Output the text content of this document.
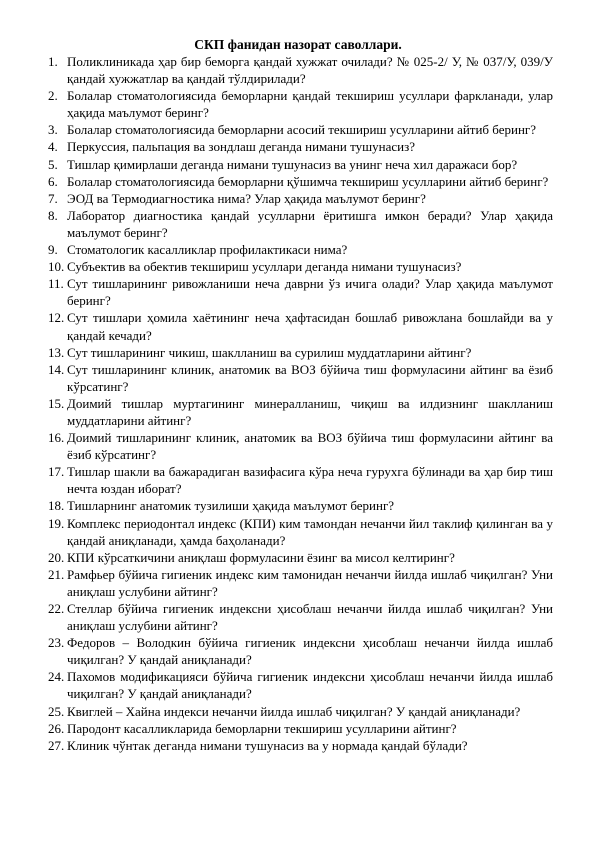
СКП фанидан назорат саволлари.
1. Поликлиникада ҳар бир беморга қандай хужжат очилади? № 025-2/ У, № 037/У, 039/У қандай хужжатлар ва қандай тўлдирилади?
2. Болалар стоматологиясида беморларни қандай текшириш усуллари фаркланади, улар ҳақида маълумот беринг?
3. Болалар стоматологиясида беморларни асосий текшириш усулларини айтиб беринг?
4. Перкуссия, пальпация ва зондлаш деганда нимани тушунасиз?
5. Тишлар қимирлаши деганда нимани тушунасиз ва унинг неча хил даражаси бор?
6. Болалар стоматологиясида беморларни қўшимча текшириш усулларини айтиб беринг?
7. ЭОД ва Термодиагностика нима? Улар ҳақида маълумот беринг?
8. Лаборатор диагностика қандай усулларни ёритишга имкон беради? Улар ҳақида маълумот беринг?
9. Стоматологик касалликлар профилактикаси нима?
10. Субъектив ва обектив текшириш усуллари деганда нимани тушунасиз?
11. Сут тишларининг ривожланиши неча даврни ўз ичига олади? Улар ҳақида маълумот беринг?
12. Сут тишлари ҳомила хаётининг неча ҳафтасидан бошлаб ривожлана бошлайди ва у қандай кечади?
13. Сут тишларининг чикиш, шаклланиш ва сурилиш муддатларини айтинг?
14. Сут тишларининг клиник, анатомик ва ВОЗ бўйича тиш формуласини айтинг ва ёзиб кўрсатинг?
15. Доимий тишлар муртагининг минералланиш, чиқиш ва илдизнинг шаклланиш муддатларини айтинг?
16. Доимий тишларининг клиник, анатомик ва ВОЗ бўйича тиш формуласини айтинг ва ёзиб кўрсатинг?
17. Тишлар шакли ва бажарадиган вазифасига кўра неча гурухга бўлинади ва ҳар бир тиш нечта юздан иборат?
18. Тишларнинг анатомик тузилиши ҳақида маълумот беринг?
19. Комплекс периодонтал индекс (КПИ) ким тамондан нечанчи йил таклиф қилинган ва у қандай аниқланади, ҳамда баҳоланади?
20. КПИ кўрсаткичини аниқлаш формуласини ёзинг ва мисол келтиринг?
21. Рамфьер бўйича гигиеник индекс ким тамонидан нечанчи йилда ишлаб чиқилган? Уни аниқлаш услубини айтинг?
22. Стеллар бўйича гигиеник индексни ҳисоблаш нечанчи йилда ишлаб чиқилган? Уни аниқлаш услубини айтинг?
23. Федоров – Володкин бўйича гигиеник индексни ҳисоблаш нечанчи йилда ишлаб чиқилган? У қандай аниқланади?
24. Пахомов модификацияси бўйича гигиеник индексни ҳисоблаш нечанчи йилда ишлаб чиқилган? У қандай аниқланади?
25. Квиглей – Хайна индекси нечанчи йилда ишлаб чиқилган? У қандай аниқланади?
26. Пародонт касалликларида беморларни текшириш усулларини айтинг?
27. Клиник чўнтак деганда нимани тушунасиз ва у нормада қандай бўлади?
